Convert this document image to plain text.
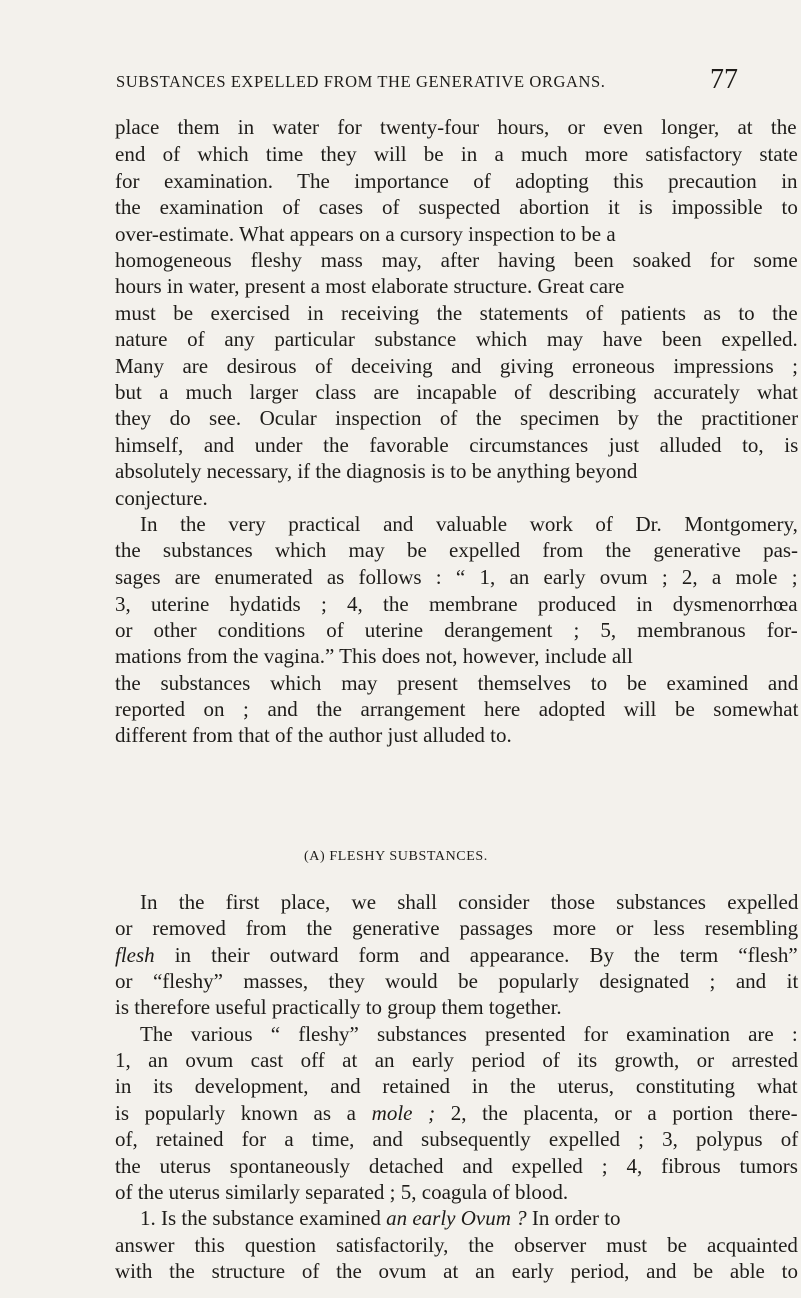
SUBSTANCES EXPELLED FROM THE GENERATIVE ORGANS.	77
place them in water for twenty-four hours, or even longer, at the
end of which time they will be in a much more satisfactory state
for examination. The importance of adopting this precaution in
the examination of cases of suspected abortion it is impossible to
over-estimate. What appears on a cursory inspection to be a
homogeneous fleshy mass may, after having been soaked for some
hours in water, present a most elaborate structure. Great care
must be exercised in receiving the statements of patients as to the
nature of any particular substance which may have been expelled.
Many are desirous of deceiving and giving erroneous impressions ;
but a much larger class are incapable of describing accurately what
they do see. Ocular inspection of the specimen by the practitioner
himself, and under the favorable circumstances just alluded to, is
absolutely necessary, if the diagnosis is to be anything beyond
conjecture.
In the very practical and valuable work of Dr. Montgomery,
the substances which may be expelled from the generative pas-
sages are enumerated as follows : “ 1, an early ovum ; 2, a mole ;
3, uterine hydatids ; 4, the membrane produced in dysmenorrhœa
or other conditions of uterine derangement ; 5, membranous for-
mations from the vagina.” This does not, however, include all
the substances which may present themselves to be examined and
reported on ; and the arrangement here adopted will be somewhat
different from that of the author just alluded to.
In the first place, we shall consider those substances expelled
or removed from the generative passages more or less resembling
flesh in their outward form and appearance. By the term “flesh”
or “fleshy” masses, they would be popularly designated ; and it
is therefore useful practically to group them together.
The various “ fleshy” substances presented for examination are :
1, an ovum cast off at an early period of its growth, or arrested
in its development, and retained in the uterus, constituting what
is popularly known as a mole ; 2, the placenta, or a portion there-
of, retained for a time, and subsequently expelled ; 3, polypus of
the uterus spontaneously detached and expelled ; 4, fibrous tumors
of the uterus similarly separated ; 5, coagula of blood.
1. Is the substance examined an early Ovum ? In order to
answer this question satisfactorily, the observer must be acquainted
with the structure of the ovum at an early period, and be able to
(A) FLESHY SUBSTANCES.
